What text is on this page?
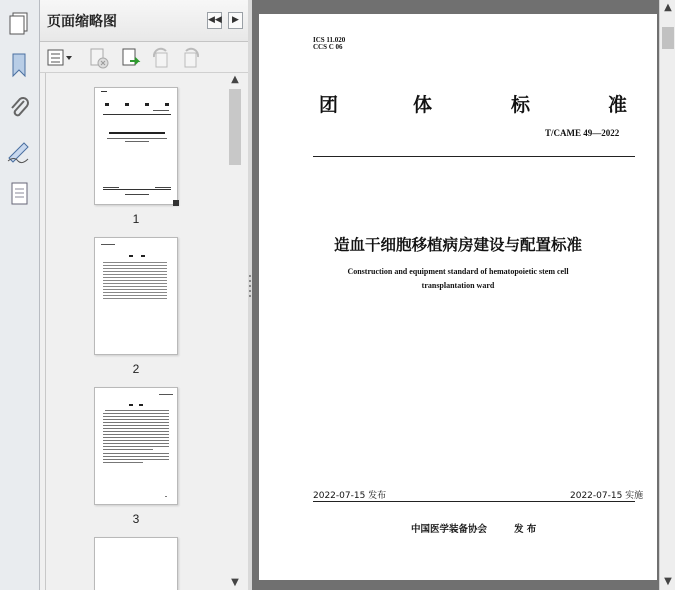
页面缩略图	◀◀	▶
1
2
3
▲
▼
ICS 11.020
CCS C 06
团	体	标	准
T/CAME 49—2022
造血干细胞移植病房建设与配置标准
Construction and equipment standard of hematopoietic stem cell
transplantation ward
2022-07-15 发布	2022-07-15 实施
中国医学装备协会	发 布
▲
▼
